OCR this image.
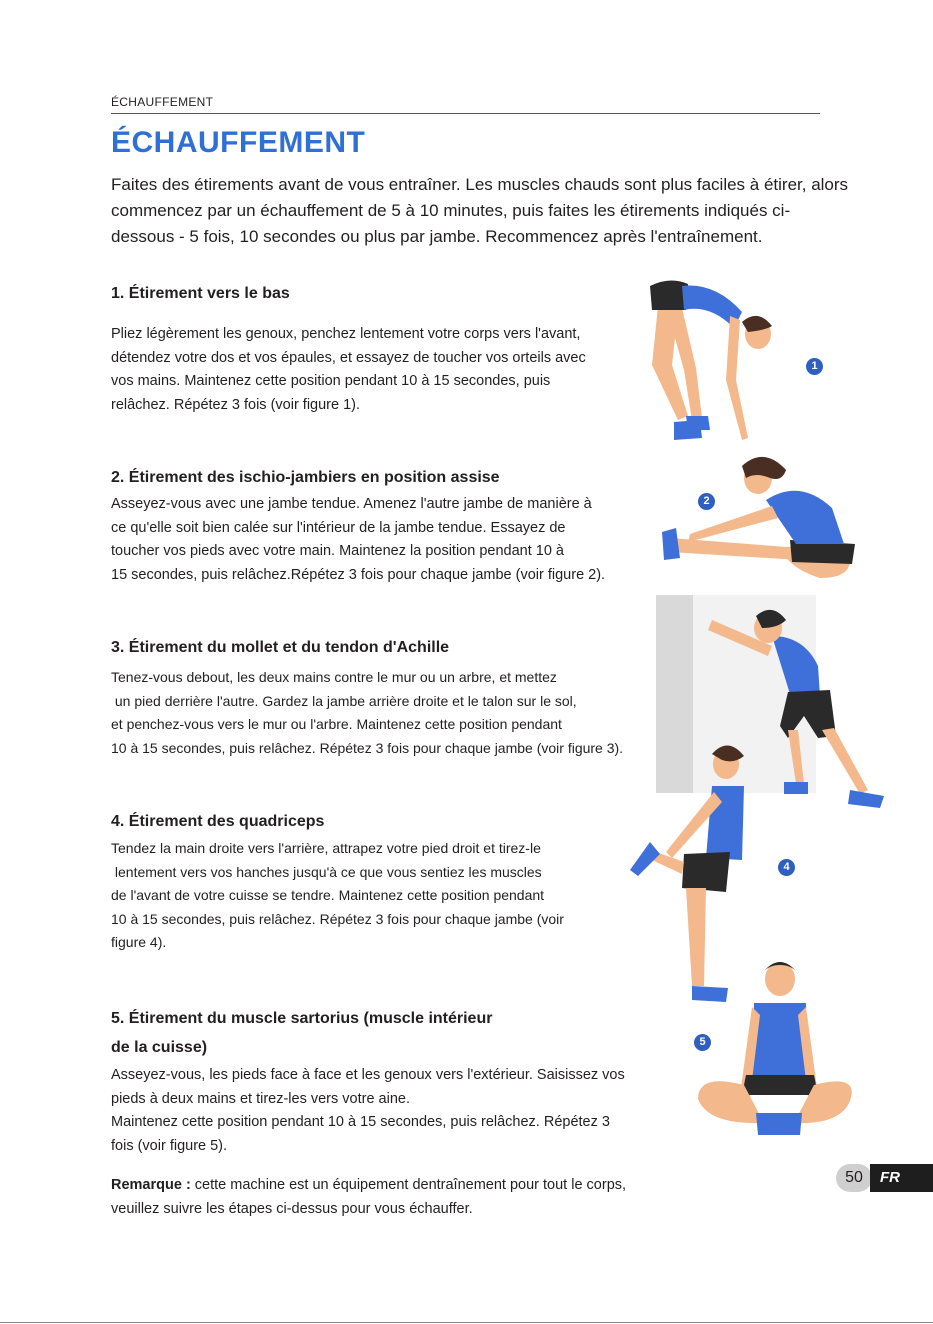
ÉCHAUFFEMENT
ÉCHAUFFEMENT
Faites des étirements avant de vous entraîner. Les muscles chauds sont plus faciles à étirer, alors commencez par un échauffement de 5 à 10 minutes, puis faites les étirements indiqués ci-dessous - 5 fois, 10 secondes ou plus par jambe. Recommencez après l'entraînement.
1. Étirement vers le bas
Pliez légèrement les genoux, penchez lentement votre corps vers l'avant,
détendez votre dos et vos épaules, et essayez de toucher vos orteils avec
vos mains. Maintenez cette position pendant 10 à 15 secondes, puis
relâchez. Répétez 3 fois (voir figure 1).
2. Étirement des ischio-jambiers en position assise
Asseyez-vous avec une jambe tendue. Amenez l'autre jambe de manière à
ce qu'elle soit bien calée sur l'intérieur de la jambe tendue. Essayez de
toucher vos pieds avec votre main. Maintenez la position pendant 10 à
15 secondes, puis relâchez.Répétez 3 fois pour chaque jambe (voir figure 2).
3. Étirement du mollet et du tendon d'Achille
Tenez-vous debout, les deux mains contre le mur ou un arbre, et mettez
un pied derrière l'autre. Gardez la jambe arrière droite et le talon sur le sol,
et penchez-vous vers le mur ou l'arbre. Maintenez cette position pendant
10 à 15 secondes, puis relâchez. Répétez 3 fois pour chaque jambe (voir figure 3).
4. Étirement des quadriceps
Tendez la main droite vers l'arrière, attrapez votre pied droit et tirez-le
lentement vers vos hanches jusqu'à ce que vous sentiez les muscles
de l'avant de votre cuisse se tendre. Maintenez cette position pendant
10 à 15 secondes, puis relâchez. Répétez 3 fois pour chaque jambe (voir
figure 4).
5. Étirement du muscle sartorius (muscle intérieur
de la cuisse)
Asseyez-vous, les pieds face à face et les genoux vers l'extérieur. Saisissez vos
pieds à deux mains et tirez-les vers votre aine.
Maintenez cette position pendant 10 à 15 secondes, puis relâchez. Répétez 3
fois (voir figure 5).
Remarque : cette machine est un équipement dentraînement pour tout le corps,
veuillez suivre les étapes ci-dessus pour vous échauffer.
1
2
4
5
50	FR
